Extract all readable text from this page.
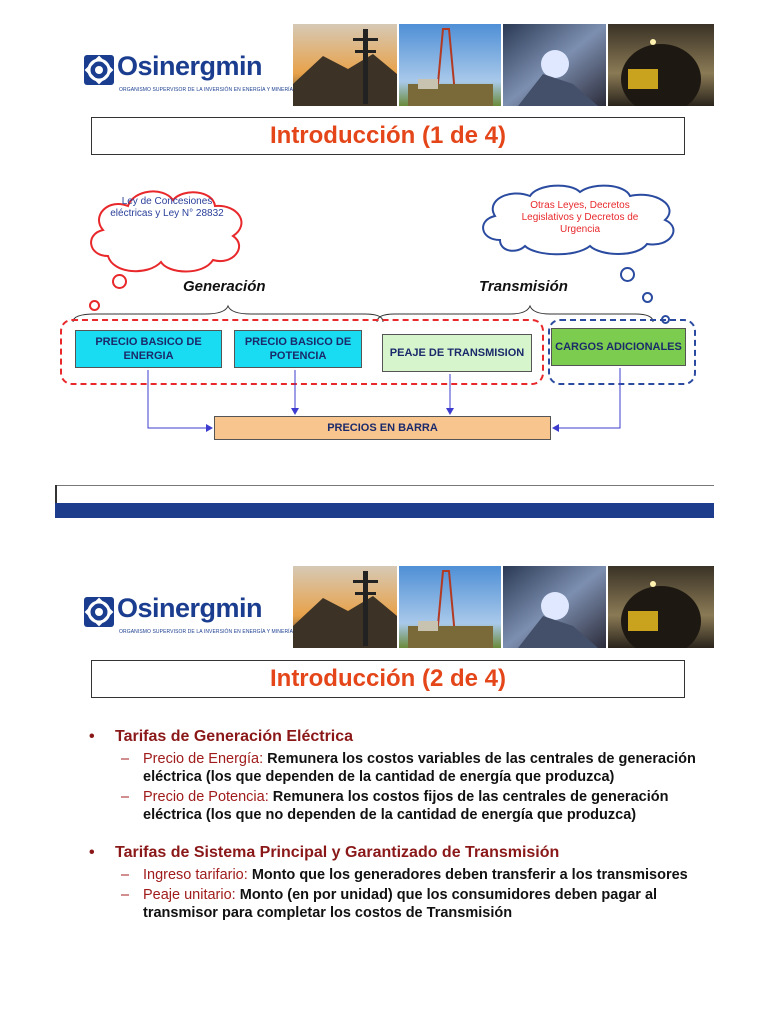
Osinergmin
ORGANISMO SUPERVISOR DE LA INVERSIÓN EN ENERGÍA Y MINERÍA
Introducción (1 de 4)
Ley de Concesiones eléctricas y Ley N° 28832
Otras Leyes, Decretos Legislativos y Decretos de Urgencia
Generación	Transmisión
PRECIO BASICO DE ENERGIA
PRECIO BASICO DE POTENCIA	PEAJE DE TRANSMISION	CARGOS ADICIONALES
PRECIOS EN BARRA
Osinergmin
ORGANISMO SUPERVISOR DE LA INVERSIÓN EN ENERGÍA Y MINERÍA
Introducción (2 de 4)
• Tarifas de Generación Eléctrica
– Precio de Energía: Remunera los costos variables de las centrales de generación eléctrica (los que dependen de la cantidad de energía que produzca)
– Precio de Potencia: Remunera los costos fijos de las centrales de generación eléctrica (los que no dependen de la cantidad de energía que produzca)
• Tarifas de Sistema Principal y Garantizado de Transmisión
– Ingreso tarifario: Monto que los generadores deben transferir a los transmisores
– Peaje unitario: Monto (en por unidad) que los consumidores deben pagar al transmisor para completar los costos de Transmisión
